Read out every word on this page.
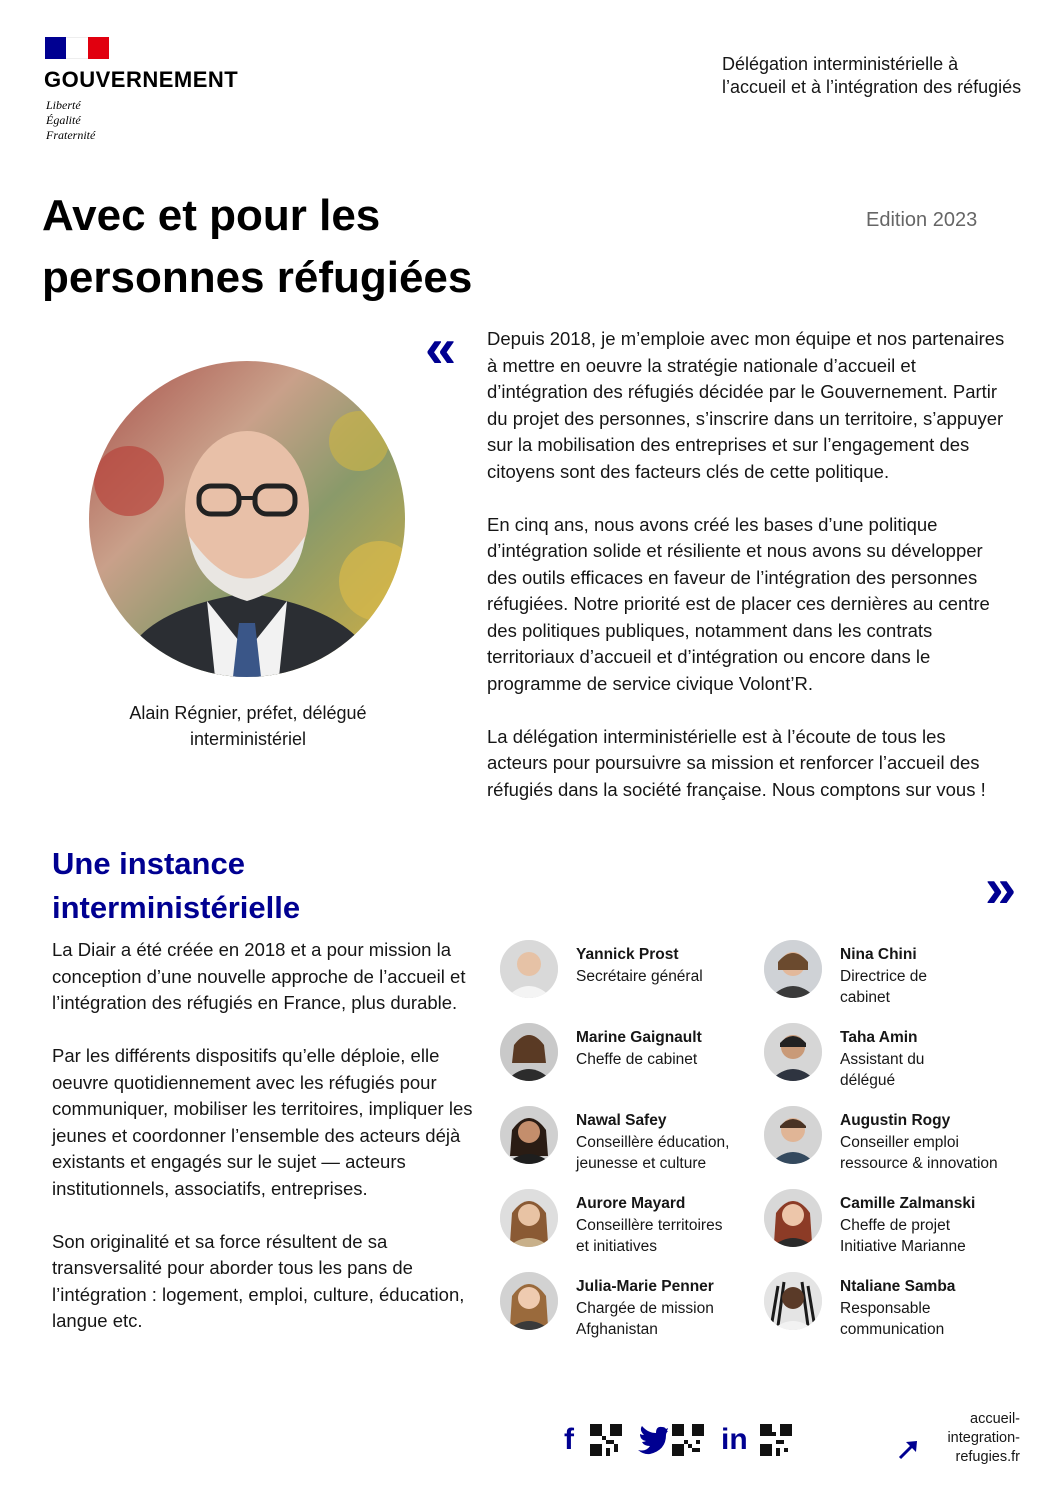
GOUVERNEMENT
Liberté
Égalité
Fraternité
Délégation interministérielle à l’accueil et à l’intégration des réfugiés
Avec et pour les
personnes réfugiées
Edition 2023
Alain Régnier, préfet, délégué
interministériel
« Depuis 2018, je m’emploie avec mon équipe et nos partenaires à mettre en oeuvre la stratégie nationale d’accueil et d’intégration des réfugiés décidée par le Gouvernement. Partir du projet des personnes, s’inscrire dans un territoire, s’appuyer sur la mobilisation des entreprises et sur l’engagement des citoyens sont des facteurs clés de cette politique.

En cinq ans, nous avons créé les bases d’une politique d’intégration solide et résiliente et nous avons su développer des outils efficaces en faveur de l’intégration des personnes réfugiées. Notre priorité est de placer ces dernières au centre des politiques publiques, notamment dans les contrats territoriaux d’accueil et d’intégration ou encore dans le programme de service civique Volont’R.

La délégation interministérielle est à l’écoute de tous les acteurs pour poursuivre sa mission et renforcer l’accueil des réfugiés dans la société française. Nous comptons sur vous !

»
Une instance
interministérielle

La Diair a été créée en 2018 et a pour mission la conception d’une nouvelle approche de l’accueil et l’intégration des réfugiés en France, plus durable.

Par les différents dispositifs qu’elle déploie, elle oeuvre quotidiennement avec les réfugiés pour communiquer, mobiliser les territoires, impliquer les jeunes et coordonner l’ensemble des acteurs déjà existants et engagés sur le sujet — acteurs institutionnels, associatifs, entreprises.

Son originalité et sa force résultent de sa transversalité pour aborder tous les pans de l’intégration : logement, emploi, culture, éducation, langue etc.

Yannick Prost
Secrétaire général
Nina Chini
Directrice de
cabinet
Marine Gaignault
Cheffe de cabinet
Taha Amin
Assistant du
délégué
Nawal Safey
Conseillère éducation,
jeunesse et culture
Augustin Rogy
Conseiller emploi
ressource & innovation
Aurore Mayard
Conseillère territoires
et initiatives
Camille Zalmanski
Cheffe de projet
Initiative Marianne
Julia-Marie Penner
Chargée de mission
Afghanistan
Ntaliane Samba
Responsable
communication
f	in
accueil-
integration-
refugies.fr
